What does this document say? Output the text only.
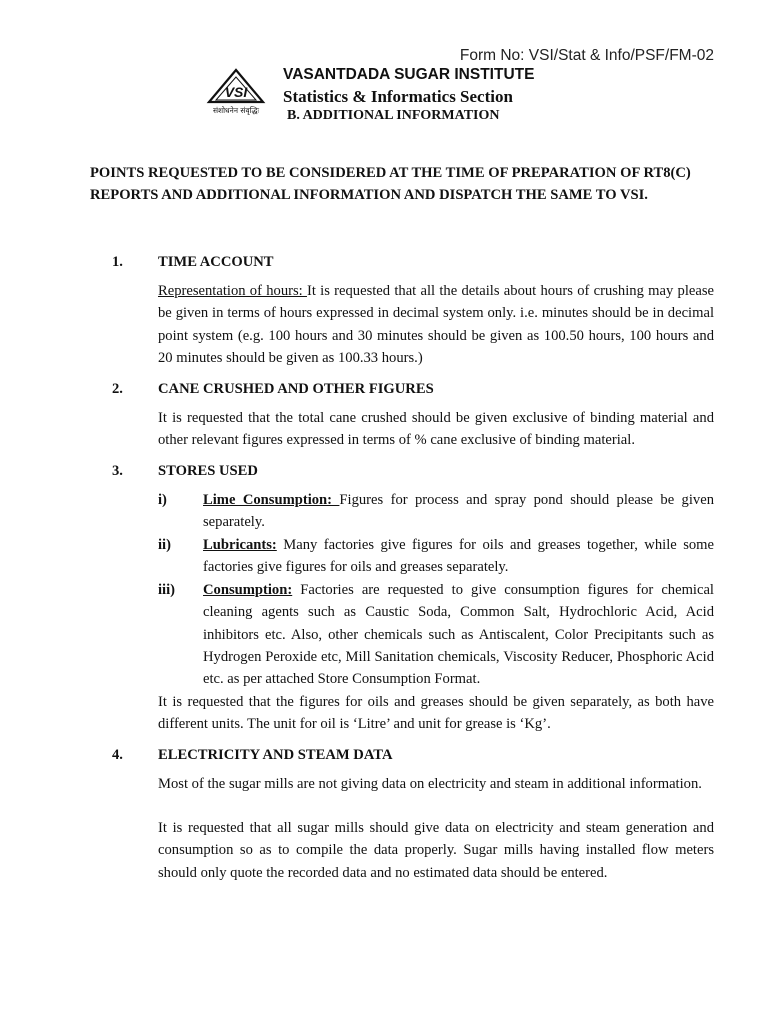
Form No: VSI/Stat & Info/PSF/FM-02
VSI
संशोधनेन संवृद्धिः
VASANTDADA SUGAR INSTITUTE
Statistics & Informatics Section
B. ADDITIONAL INFORMATION
POINTS REQUESTED TO BE CONSIDERED AT THE TIME OF PREPARATION OF RT8(C) REPORTS AND ADDITIONAL INFORMATION AND DISPATCH THE SAME TO VSI.
1. TIME ACCOUNT
Representation of hours: It is requested that all the details about hours of crushing may please be given in terms of hours expressed in decimal system only. i.e. minutes should be in decimal point system (e.g. 100 hours and 30 minutes should be given as 100.50 hours, 100 hours and 20 minutes should be given as 100.33 hours.)
2. CANE CRUSHED AND OTHER FIGURES
It is requested that the total cane crushed should be given exclusive of binding material and other relevant figures expressed in terms of % cane exclusive of binding material.
3. STORES USED
i) Lime Consumption: Figures for process and spray pond should please be given separately.
ii) Lubricants: Many factories give figures for oils and greases together, while some factories give figures for oils and greases separately.
iii) Consumption: Factories are requested to give consumption figures for chemical cleaning agents such as Caustic Soda, Common Salt, Hydrochloric Acid, Acid inhibitors etc. Also, other chemicals such as Antiscalent, Color Precipitants such as Hydrogen Peroxide etc, Mill Sanitation chemicals, Viscosity Reducer, Phosphoric Acid etc. as per attached Store Consumption Format.
It is requested that the figures for oils and greases should be given separately, as both have different units. The unit for oil is ‘Litre’ and unit for grease is ‘Kg’.
4. ELECTRICITY AND STEAM DATA
Most of the sugar mills are not giving data on electricity and steam in additional information.
It is requested that all sugar mills should give data on electricity and steam generation and consumption so as to compile the data properly. Sugar mills having installed flow meters should only quote the recorded data and no estimated data should be entered.
